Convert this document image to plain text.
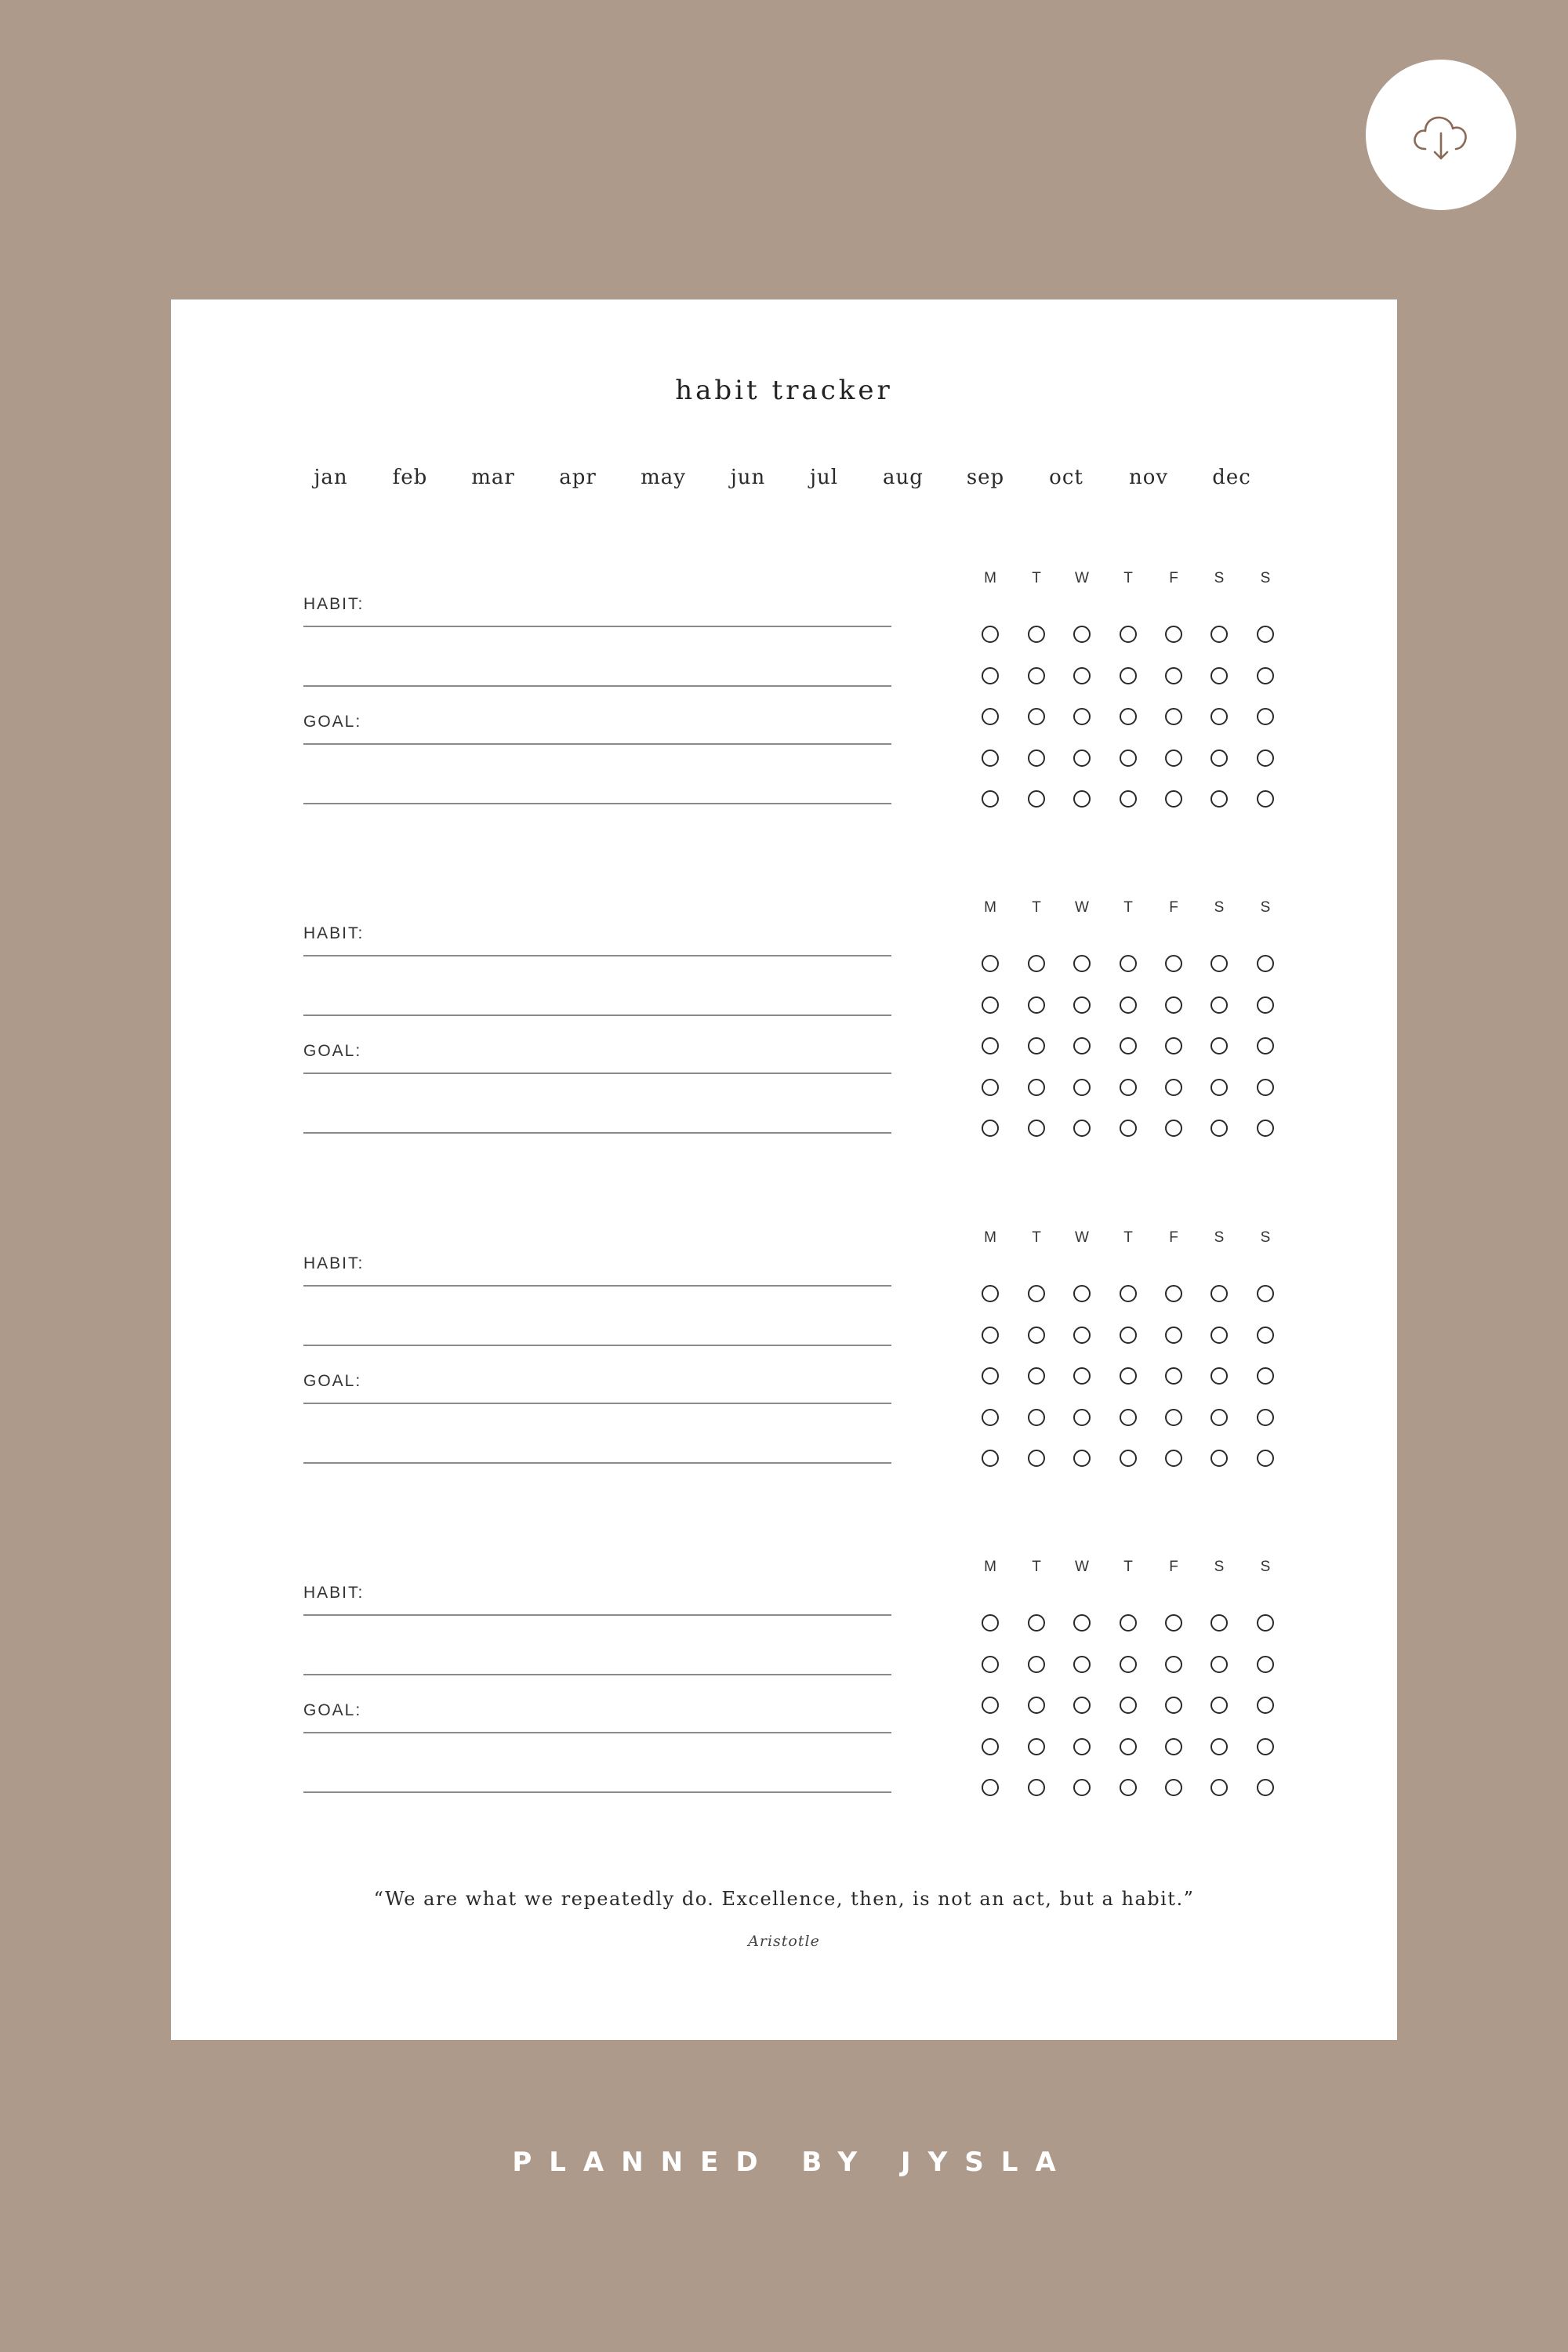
habit tracker
jan feb mar apr may jun jul aug sep oct nov dec
HABIT:
GOAL:
M	T	W	T	F	S	S
HABIT:
GOAL:
M	T	W	T	F	S	S
HABIT:
GOAL:
M	T	W	T	F	S	S
HABIT:
GOAL:
M	T	W	T	F	S	S
“We are what we repeatedly do. Excellence, then, is not an act, but a habit.”
Aristotle
PLANNED BY JYSLA
